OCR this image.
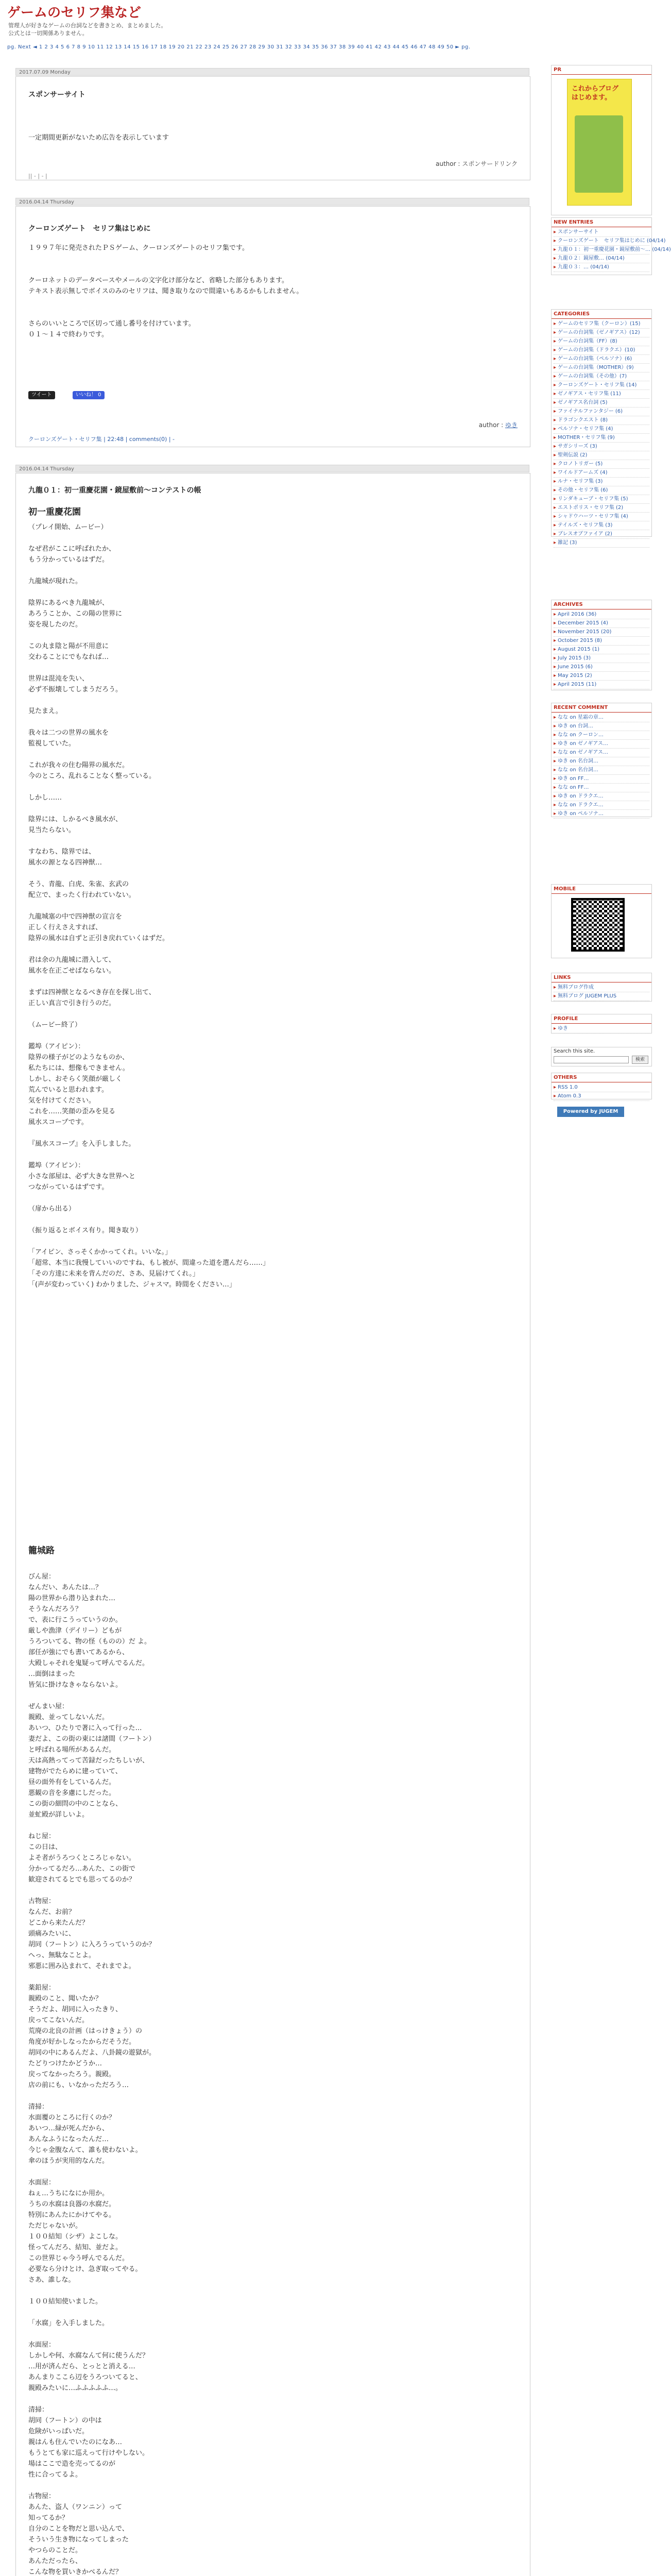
ゲームのセリフ集など
管理人が好きなゲームの台詞などを書きとめ、まとめました。
公式とは一切関係ありません。
pg. Next ◄ 1 2 3 4 5 6 7 8 9 10 11 12 13 14 15 16 17 18 19 20 21 22 23 24 25 26 27 28 29 30 31 32 33 34 35 36 37 38 39 40 41 42 43 44 45 46 47 48 49 50 ► pg.
2017.07.09 Monday
スポンサーサイト
一定期間更新がないため広告を表示しています
author : スポンサードリンク
|| - | - |
2016.04.14 Thursday
クーロンズゲート　セリフ集はじめに
１９９７年に発売されたＰＳゲーム、クーロンズゲートのセリフ集です。
クーロネットのデータベースやメールの文字化け部分など、省略した部分もあります。
テキスト表示無しでボイスのみのセリフは、聞き取りなので間違いもあるかもしれません。
さらのいいところで区切って通し番号を付けています。
０１～１４で終わりです。
ツイート	いいね！ 0
author : ゆき
クーロンズゲート・セリフ集 | 22:48 | comments(0) | -
2016.04.14 Thursday
九龍０１：初一重慶花園・鏡屋敷前～コンテストの帳
初一重慶花園
（プレイ開始、ムービー）
なぜ君がここに呼ばれたか、
もう分かっているはずだ。
九龍城が現れた。
陰界にあるべき九龍城が、
あろうことか、この陽の世界に
姿を現したのだ。
この丸ま陰と陽が不用意に
交わることにでもなれば…
世界は混沌を失い、
必ず不振壊してしまうだろう。
見たまえ。
我々は二つの世界の風水を
監視していた。
これが我々の住む陽界の風水だ。
今のところ、乱れることなく整っている。
しかし……
陰界には、しかるべき風水が、
見当たらない。
すなわち、陰界では、
風水の源となる四神獣…
そう、青龍、白虎、朱雀、玄武の
配立で、まったく行われていない。
九龍城塞の中で四神獣の宣言を
正しく行えさえすれば、
陰界の風水は自ずと正引き戻れていくはずだ。
君は余の九龍城に潜入して、
風水を在正ごせばならない。
まずは四神獣となるべき存在を探し出て、
正しい真言で引き行うのだ。
（ムービー終了）
鑑埠（アイピン）：
陰界の様子がどのようなものか、
私たちには、想像もできません。
しかし、おそらく笑顔が厳しく
荒んでいると思われます。
気を付けてください。
これを……笑顔の歪みを見る
風水スコープです。
『風水スコープ』を入手しました。
鑑埠（アイピン）：
小さな部屋は、必ず大きな世界へと
つながっているはずです。
（扉から出る）
（振り返るとボイス有り。聞き取り）
「アイピン、さっそくかかってくれ。いいな。」
「超常、本当に我慢していいのですね、もし被が、間違った道を選んだら……」
「その方達に未来を背んだのだ、さあ、見届けてくれ。」
「(声が変わっていく) わかりました、ジャスマ。時間をください…」
籠城路
びん屋：
なんだい、あんたは…？
陽の世界から潜り込まれた…
そうなんだろう？
で、表に行こうっていうのか。
厳しや漁津（デイリー）どもが
うろついてる、物の怪（ものの）だ よ。
部任が強にでも書いてあるから、
大殿しゃそれを鬼疑って呼んでるんだ。
…面倒はまった
皆気に掛けなきゃならないよ。
ぜんまい屋：
親殿、並ってしないんだ。
あいつ、ひたりで著に入って行った…
妻だよ、この街の東には諸間（フートン）
と呼ばれる場所があるんだ。
天は高熱ってって苦録だったちしいが、
建物がでたらめに建っていて、
昼の面外有をしているんだ。
悪観の音を多慮にしだった。
この街の細問の中のことなら、
並虻殿が詳しいよ。
ねじ屋：
この日は、
よそ者がうろつくところじゃない。
分かってるだろ…あんた、この街で
歓迎されてるとでも思ってるのか？
古物屋：
なんだ、お前？
どこから来たんだ？
頭痛みたいに、
胡同（フートン）に入ろうっていうのか？
へっ、無駄なことよ。
邪悪に囲み込まれて、それまでよ。
薬鉛屋：
親殿のこと、聞いたか？
そうだよ、胡同に入ったきり、
戻ってこないんだ。
荒廃の北良の計画（はっけきょう）の
角度が好かしなったからだそうだ。
胡同の中にあるんだよ、八卦鏡の遊獄が。
たどりつけたかどうか…
戻ってなかったろう。親殿。
店の前にも、いなかっただろう…
清掃：
水面覆のところに行くのか？
あいつ…緑が死んだから、
あんなふうになったんだ…
今じゃ金腹なんて、誰も使わないよ。
傘のほうが実用的なんだ。
水面屋：
ねぇ…うちになにか用か。
うちの水腐は良器の水腐だ。
特別にあんたにかけてやる。
ただじゃないが。
１００結知（シザ）よこしな。
怪ってんだろ、結知、並だよ。
この世界じゃ今う呼んでるんだ。
必要なら分けとけ、急ぎ取ってやる。
さあ、誰しな。
１００結知使いました。
「水腐」を入手しました。
水面屋：
しかしや何、水腐なんて何に使うんだ？
…用が済んだら、とっとと消える…
あんまりここら辺をうろついてると、
親殿みたいに…ふふふふふ…。
清掃：
胡同（フートン）の中は
危険がいっぱいだ。
親はんも住んでいたのになあ…
もうとても家に巡えって行けやしない。
場はここで造を売ってるのが
性に合ってるよ。
古物屋：
あんた、盗人（ワンニン）って
知ってるか？
自分のことを物だと思い込んで、
そういう生き物になってしまった
やつらのことだ。
あんただったら、
こんな物を買いきかべるんだ？
PR
これからブログ
はじめます。
NEW ENTRIES
▸ スポンサーサイト
▸ クーロンズゲート　セリフ集はじめに (04/14)
▸ 九龍０１：初一重慶花園・鏡屋敷前～… (04/14)
▸ 九龍０２：鏡屋敷… (04/14)
▸ 九龍０３：… (04/14)
CATEGORIES
▸ ゲームのセリフ集（クーロン）(15)
▸ ゲームの台詞集（ゼノギアス）(12)
▸ ゲームの台詞集（FF）(8)
▸ ゲームの台詞集（ドラクエ）(10)
▸ ゲームの台詞集（ペルソナ）(6)
▸ ゲームの台詞集（MOTHER）(9)
▸ ゲームの台詞集（その他）(7)
▸ クーロンズゲート・セリフ集 (14)
▸ ゼノギアス・セリフ集 (11)
▸ ゼノギアス名台詞 (5)
▸ ファイナルファンタジー (6)
▸ ドラゴンクエスト (8)
▸ ペルソナ・セリフ集 (4)
▸ MOTHER・セリフ集 (9)
▸ サガシリーズ (3)
▸ 聖剣伝説 (2)
▸ クロノトリガー (5)
▸ ワイルドアームズ (4)
▸ ルナ・セリフ集 (3)
▸ その他・セリフ集 (6)
▸ リンダキューブ・セリフ集 (5)
▸ エストポリス・セリフ集 (2)
▸ シャドウハーツ・セリフ集 (4)
▸ テイルズ・セリフ集 (3)
▸ ブレスオブファイア (2)
▸ 雑記 (3)
ARCHIVES
▸ April 2016 (36)
▸ December 2015 (4)
▸ November 2015 (20)
▸ October 2015 (8)
▸ August 2015 (1)
▸ July 2015 (3)
▸ June 2015 (6)
▸ May 2015 (2)
▸ April 2015 (11)
RECENT COMMENT
▸ なな on 星霜の章…
▸ ゆき on 台詞…
▸ なな on クーロン…
▸ ゆき on ゼノギアス…
▸ なな on ゼノギアス…
▸ ゆき on 名台詞…
▸ なな on 名台詞…
▸ ゆき on FF…
▸ なな on FF…
▸ ゆき on ドラクエ…
▸ なな on ドラクエ…
▸ ゆき on ペルソナ…
MOBILE
LINKS
▸ 無料ブログ作成
▸ 無料ブログ JUGEM PLUS
PROFILE
▸ ゆき
Search this site.
検索
OTHERS
▸ RSS 1.0
▸ Atom 0.3
Powered by JUGEM
